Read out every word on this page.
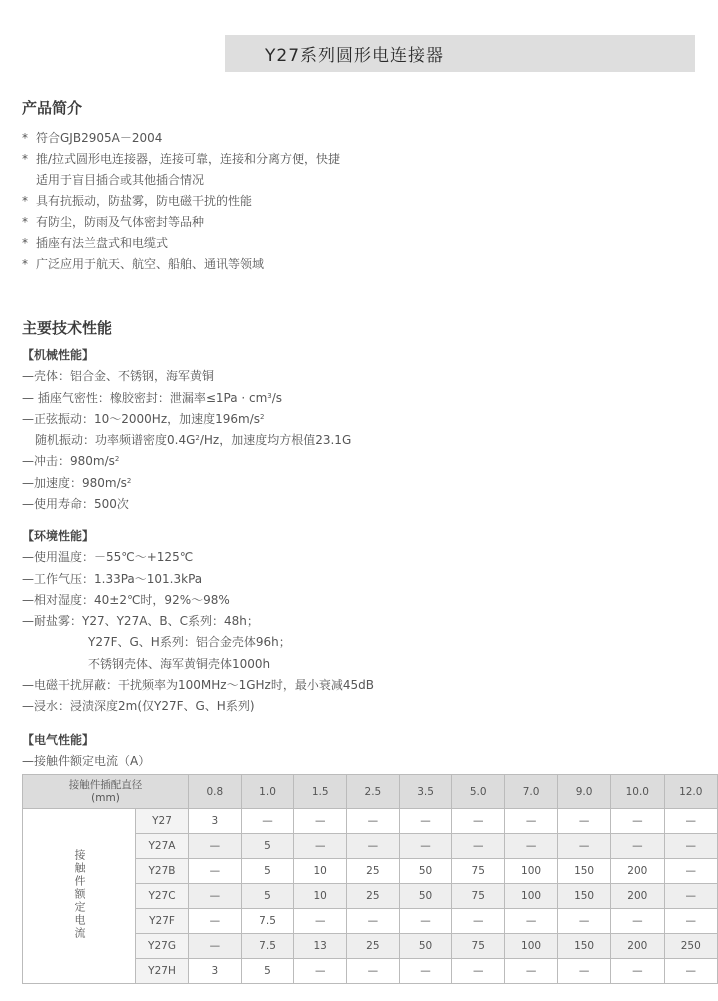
Y27系列圆形电连接器
产品简介
* 符合GJB2905A－2004
* 推/拉式圆形电连接器，连接可靠，连接和分离方便，快捷
适用于盲目插合或其他插合情况
* 具有抗振动，防盐雾，防电磁干扰的性能
* 有防尘，防雨及气体密封等品种
* 插座有法兰盘式和电缆式
* 广泛应用于航天、航空、船舶、通讯等领域
主要技术性能
【机械性能】
—壳体：铝合金、不锈钢，海军黄铜
— 插座气密性：橡胶密封：泄漏率$\le 1Pa \cdot cm^3/s$
—正弦振动：10～2000Hz，加速度$196m/s^2$
随机振动：功率频谱密度$0.4G^2/Hz$，加速度均方根值23.1G
—冲击：$980m/s^2$
—加速度：$980m/s^2$
—使用寿命：500次
【环境性能】
—使用温度：－55℃～+125℃
—工作气压：1.33Pa～101.3kPa
—相对湿度：40±2℃时，92%～98%
—耐盐雾：Y27、Y27A、B、C系列：48h；
Y27F、G、H系列：铝合金壳体96h；
不锈钢壳体、海军黄铜壳体1000h
—电磁干扰屏蔽：干扰频率为100MHz～1GHz时，最小衰减45dB
—浸水：浸渍深度2m(仅Y27F、G、H系列)
【电气性能】
—接触件额定电流（A）
接触件插配直径
(mm)		0.8	1.0	1.5	2.5	3.5	5.0	7.0	9.0	10.0	12.0
接触件额定电流	Y27	3	—	—	—	—	—	—	—	—	—
	Y27A	—	5	—	—	—	—	—	—	—	—
	Y27B	—	5	10	25	50	75	100	150	200	—
	Y27C	—	5	10	25	50	75	100	150	200	—
	Y27F	—	7.5	—	—	—	—	—	—	—	—
	Y27G	—	7.5	13	25	50	75	100	150	200	250
	Y27H	3	5	—	—	—	—	—	—	—	—
